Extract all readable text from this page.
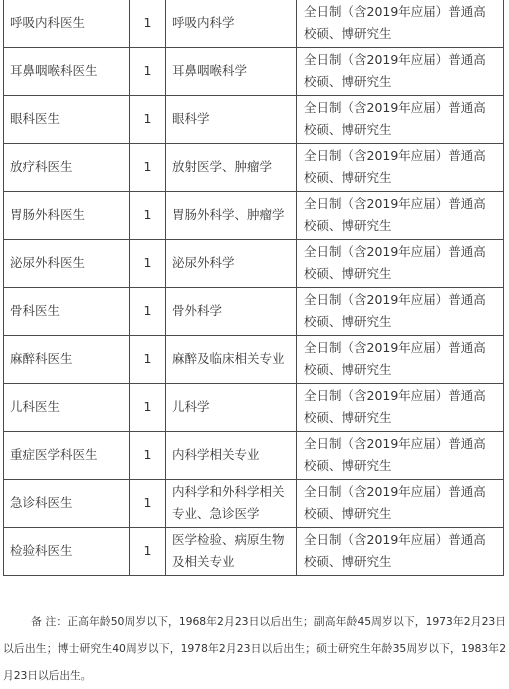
呼吸内科医生	1	呼吸内科学	全日制（含2019年应届）普通高校硕、博研究生
耳鼻咽喉科医生	1	耳鼻咽喉科学	全日制（含2019年应届）普通高校硕、博研究生
眼科医生	1	眼科学	全日制（含2019年应届）普通高校硕、博研究生
放疗科医生	1	放射医学、肿瘤学	全日制（含2019年应届）普通高校硕、博研究生
胃肠外科医生	1	胃肠外科学、肿瘤学	全日制（含2019年应届）普通高校硕、博研究生
泌尿外科医生	1	泌尿外科学	全日制（含2019年应届）普通高校硕、博研究生
骨科医生	1	骨外科学	全日制（含2019年应届）普通高校硕、博研究生
麻醉科医生	1	麻醉及临床相关专业	全日制（含2019年应届）普通高校硕、博研究生
儿科医生	1	儿科学	全日制（含2019年应届）普通高校硕、博研究生
重症医学科医生	1	内科学相关专业	全日制（含2019年应届）普通高校硕、博研究生
急诊科医生	1	内科学和外科学相关专业、急诊医学	全日制（含2019年应届）普通高校硕、博研究生
检验科医生	1	医学检验、病原生物及相关专业	全日制（含2019年应届）普通高校硕、博研究生

备 注：正高年龄50周岁以下，1968年2月23日以后出生；副高年龄45周岁以下，1973年2月23日以后出生；博士研究生40周岁以下，1978年2月23日以后出生；硕士研究生年龄35周岁以下，1983年2月23日以后出生。
